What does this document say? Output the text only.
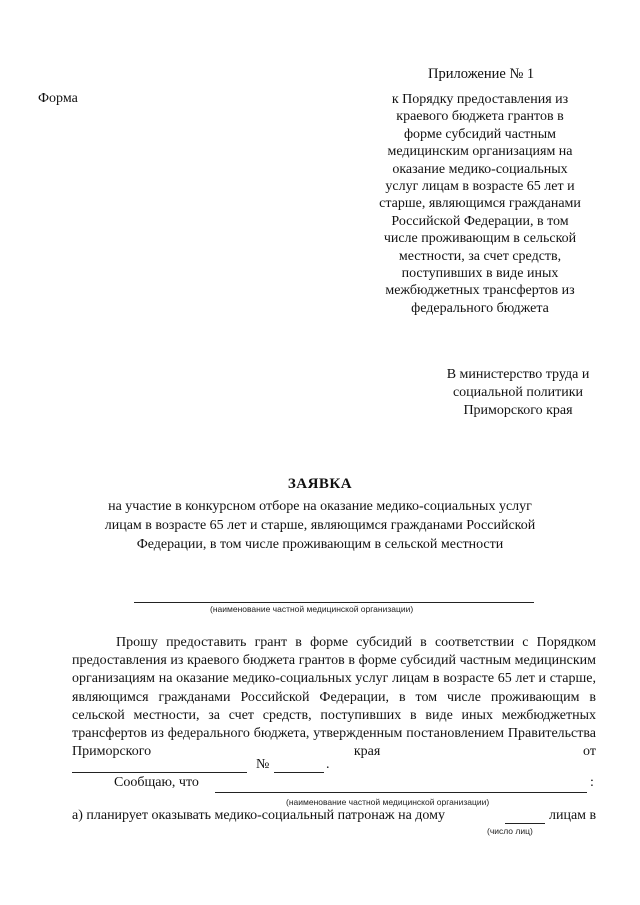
Форма
Приложение № 1
к Порядку предоставления из
краевого бюджета грантов в
форме субсидий частным
медицинским организациям на
оказание медико-социальных
услуг лицам в возрасте 65 лет и
старше, являющимся гражданами
Российской Федерации, в том
числе проживающим в сельской
местности, за счет средств,
поступивших в виде иных
межбюджетных трансфертов из
федерального бюджета
В министерство труда и
социальной политики
Приморского края
ЗАЯВКА
на участие в конкурсном отборе на оказание медико-социальных услуг
лицам в возрасте 65 лет и старше, являющимся гражданами Российской
Федерации, в том числе проживающим в сельской местности
(наименование частной медицинской организации)
Прошу предоставить грант в форме субсидий в соответствии с Порядком предоставления из краевого бюджета грантов в форме субсидий частным медицинским организациям на оказание медико-социальных услуг лицам в возрасте 65 лет и старше, являющимся гражданами Российской Федерации, в том числе проживающим в сельской местности, за счет средств, поступивших в виде иных межбюджетных трансфертов из федерального бюджета, утвержденным постановлением Правительства Приморского края от
№	.
Сообщаю, что	:
(наименование частной медицинской организации)
а) планирует оказывать медико-социальный патронаж на дому	лицам в
(число лиц)
